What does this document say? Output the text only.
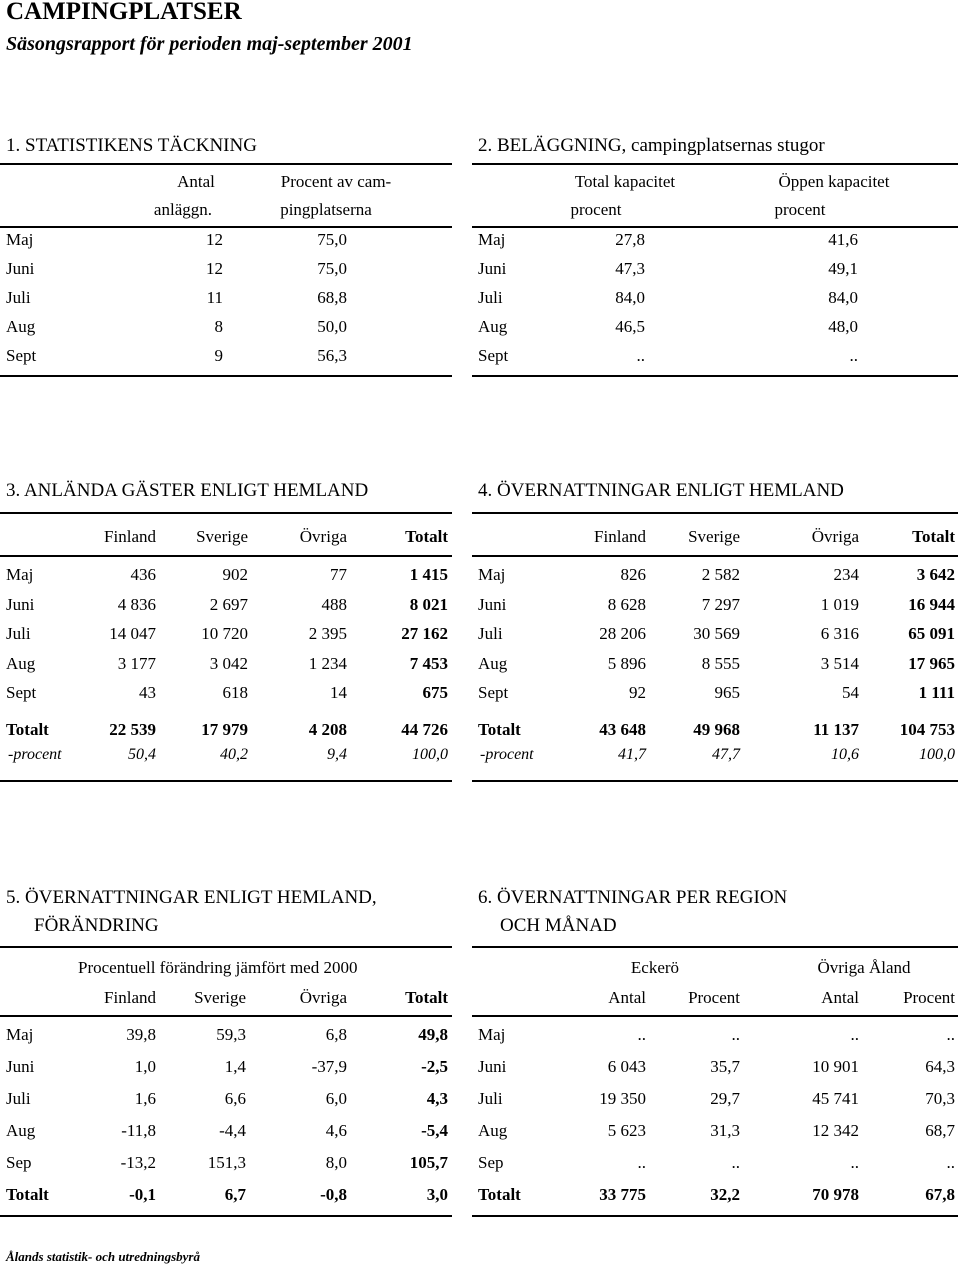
CAMPINGPLATSER
Säsongsrapport för perioden maj-september 2001
1. STATISTIKENS TÄCKNING
Antal	Procent av cam-
anläggn.	pingplatserna
Maj	12	75,0
Juni	12	75,0
Juli	11	68,8
Aug	8	50,0
Sept	9	56,3
2. BELÄGGNING, campingplatsernas stugor
Total kapacitet	Öppen kapacitet
procent	procent
Maj	27,8	41,6
Juni	47,3	49,1
Juli	84,0	84,0
Aug	46,5	48,0
Sept	..	..
3. ANLÄNDA GÄSTER ENLIGT HEMLAND
Finland	Sverige	Övriga	Totalt
Maj	436	902	77	1 415
Juni	4 836	2 697	488	8 021
Juli	14 047	10 720	2 395	27 162
Aug	3 177	3 042	1 234	7 453
Sept	43	618	14	675
Totalt	22 539	17 979	4 208	44 726
-procent	50,4	40,2	9,4	100,0
4. ÖVERNATTNINGAR ENLIGT HEMLAND
Finland	Sverige	Övriga	Totalt
Maj	826	2 582	234	3 642
Juni	8 628	7 297	1 019	16 944
Juli	28 206	30 569	6 316	65 091
Aug	5 896	8 555	3 514	17 965
Sept	92	965	54	1 111
Totalt	43 648	49 968	11 137	104 753
-procent	41,7	47,7	10,6	100,0
5. ÖVERNATTNINGAR ENLIGT HEMLAND,
FÖRÄNDRING
Procentuell förändring jämfört med 2000
Finland	Sverige	Övriga	Totalt
Maj	39,8	59,3	6,8	49,8
Juni	1,0	1,4	-37,9	-2,5
Juli	1,6	6,6	6,0	4,3
Aug	-11,8	-4,4	4,6	-5,4
Sep	-13,2	151,3	8,0	105,7
Totalt	-0,1	6,7	-0,8	3,0
6. ÖVERNATTNINGAR PER REGION
OCH MÅNAD
Eckerö	Övriga Åland
Antal	Procent	Antal	Procent
Maj	..	..	..	..
Juni	6 043	35,7	10 901	64,3
Juli	19 350	29,7	45 741	70,3
Aug	5 623	31,3	12 342	68,7
Sep	..	..	..	..
Totalt	33 775	32,2	70 978	67,8
Ålands statistik- och utredningsbyrå
